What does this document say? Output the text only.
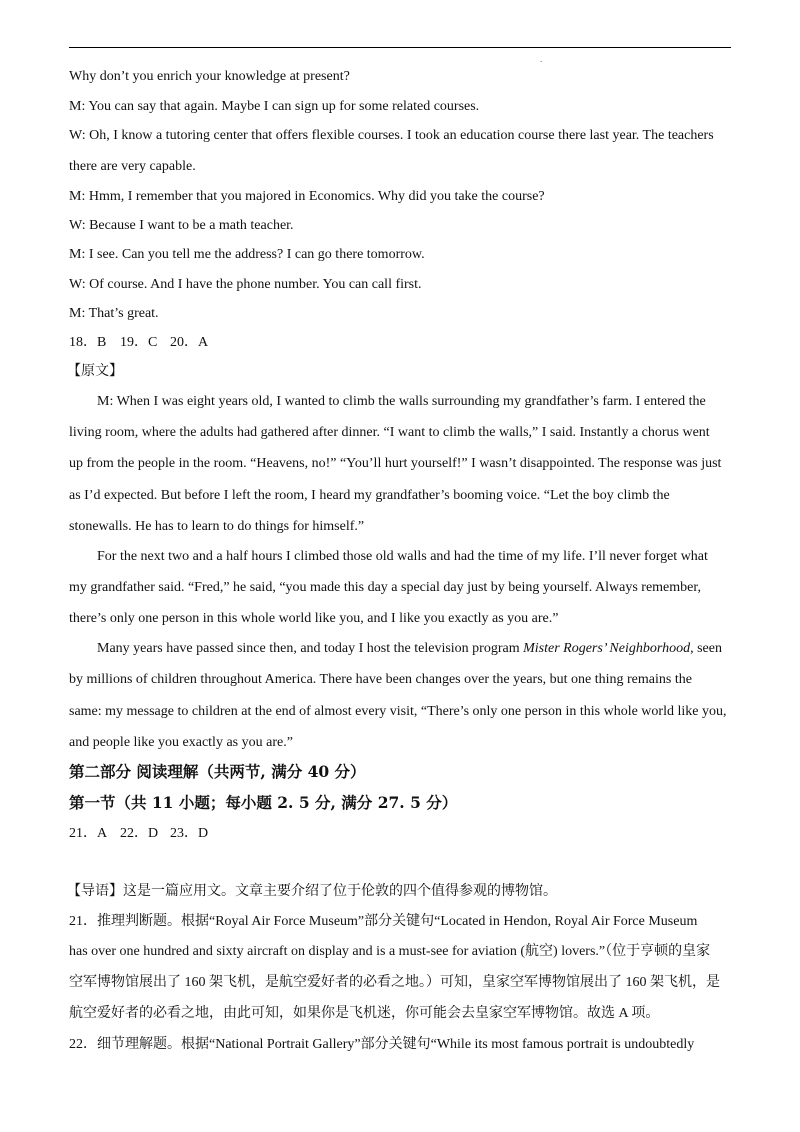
.
Why don’t you enrich your knowledge at present?
M: You can say that again. Maybe I can sign up for some related courses.
W: Oh, I know a tutoring center that offers flexible courses. I took an education course there last year. The teachers
there are very capable.
M: Hmm, I remember that you majored in Economics. Why did you take the course?
W: Because I want to be a math teacher.
M: I see. Can you tell me the address? I can go there tomorrow.
W: Of course. And I have the phone number. You can call first.
M: That’s great.
18．B 19．C 20．A
【原文】
M: When I was eight years old, I wanted to climb the walls surrounding my grandfather’s farm. I entered the
living room, where the adults had gathered after dinner. “I want to climb the walls,” I said. Instantly a chorus went
up from the people in the room. “Heavens, no!” “You’ll hurt yourself!” I wasn’t disappointed. The response was just
as I’d expected. But before I left the room, I heard my grandfather’s booming voice. “Let the boy climb the
stonewalls. He has to learn to do things for himself.”
For the next two and a half hours I climbed those old walls and had the time of my life. I’ll never forget what
my grandfather said. “Fred,” he said, “you made this day a special day just by being yourself. Always remember,
there’s only one person in this whole world like you, and I like you exactly as you are.”
Many years have passed since then, and today I host the television program Mister Rogers’ Neighborhood, seen
by millions of children throughout America. There have been changes over the years, but one thing remains the
same: my message to children at the end of almost every visit, “There’s only one person in this whole world like you,
and people like you exactly as you are.”
第二部分 阅读理解（共两节, 满分 40 分）
第一节（共 11 小题；每小题 2. 5 分, 满分 27. 5 分）
21．A 22．D 23．D
【导语】这是一篇应用文。文章主要介绍了位于伦敦的四个值得参观的博物馆。
21．推理判断题。根据“Royal Air Force Museum”部分关键句“Located in Hendon, Royal Air Force Museum
has over one hundred and sixty aircraft on display and is a must-see for aviation (航空) lovers.”（位于亨顿的皇家
空军博物馆展出了 160 架飞机，是航空爱好者的必看之地。）可知，皇家空军博物馆展出了 160 架飞机，是
航空爱好者的必看之地，由此可知，如果你是飞机迷，你可能会去皇家空军博物馆。故选 A 项。
22．细节理解题。根据“National Portrait Gallery”部分关键句“While its most famous portrait is undoubtedly
